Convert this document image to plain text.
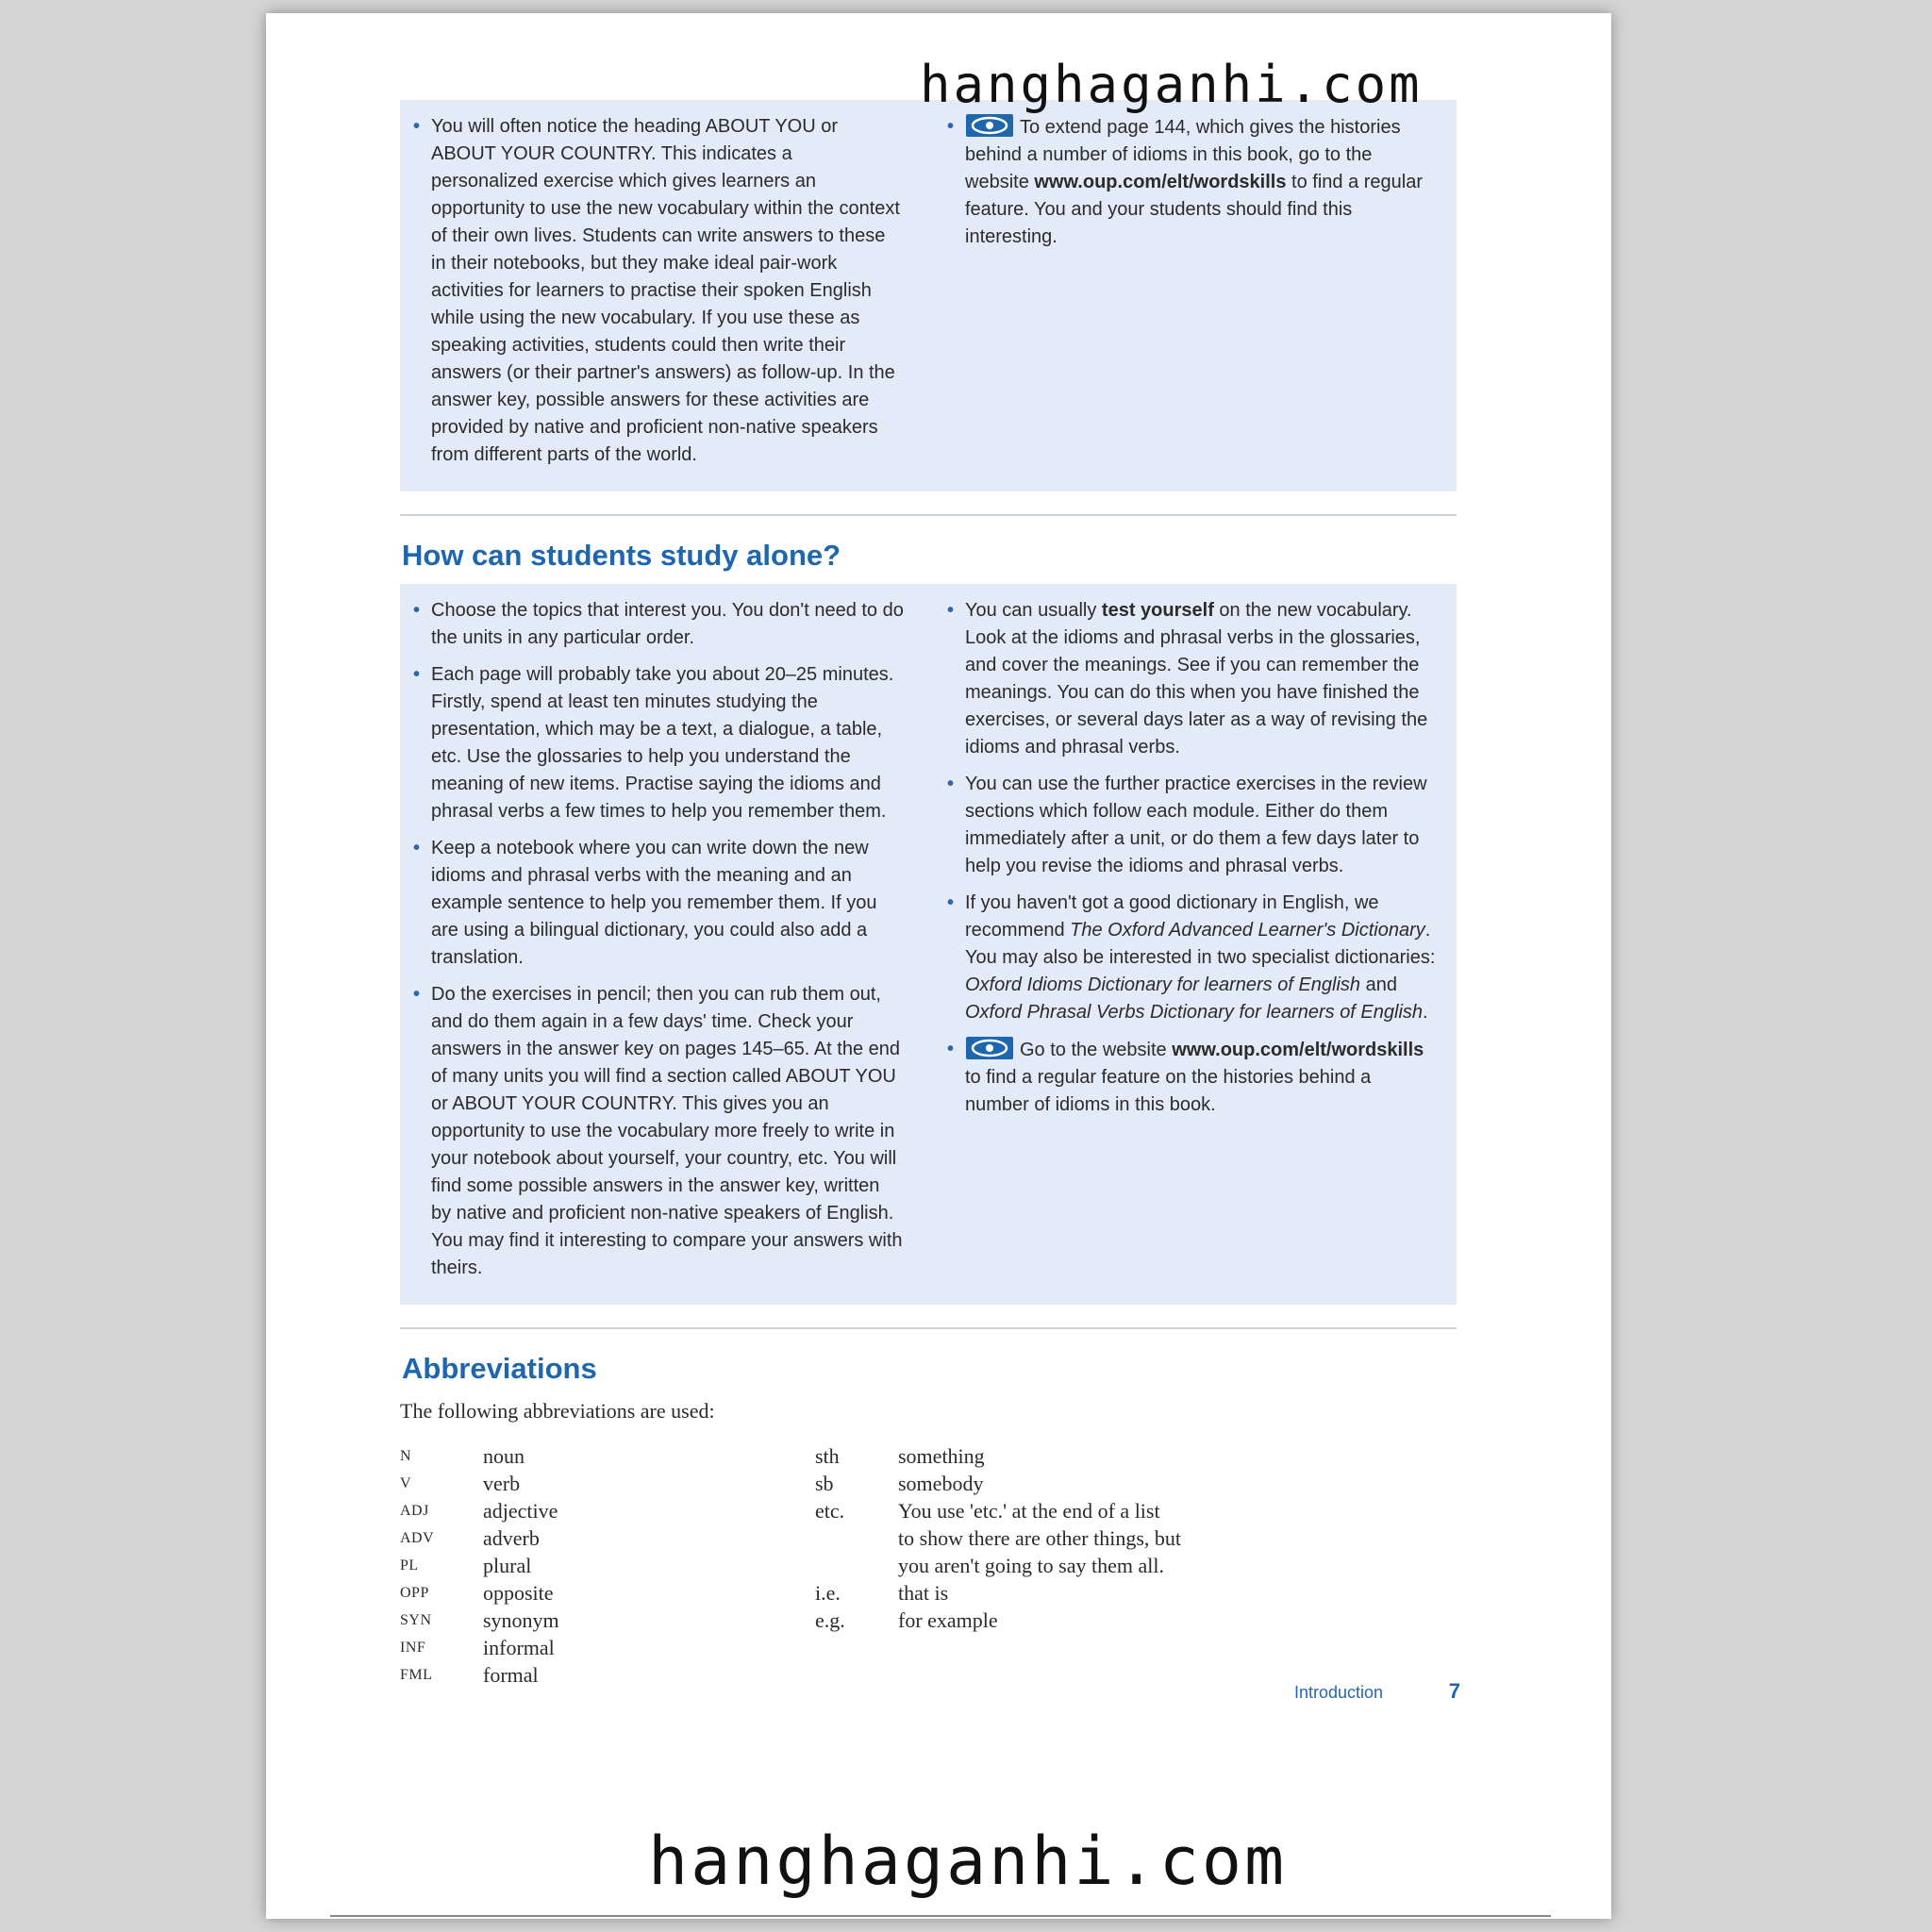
• You will often notice the heading ABOUT YOU or ABOUT YOUR COUNTRY. This indicates a personalized exercise which gives learners an opportunity to use the new vocabulary within the context of their own lives. Students can write answers to these in their notebooks, but they make ideal pair-work activities for learners to practise their spoken English while using the new vocabulary. If you use these as speaking activities, students could then write their answers (or their partner's answers) as follow-up. In the answer key, possible answers for these activities are provided by native and proficient non-native speakers from different parts of the world.
•	To extend page 144, which gives the histories behind a number of idioms in this book, go to the website www.oup.com/elt/wordskills to find a regular feature. You and your students should find this interesting.
How can students study alone?
• Choose the topics that interest you. You don't need to do the units in any particular order.
• Each page will probably take you about 20–25 minutes. Firstly, spend at least ten minutes studying the presentation, which may be a text, a dialogue, a table, etc. Use the glossaries to help you understand the meaning of new items. Practise saying the idioms and phrasal verbs a few times to help you remember them.
• Keep a notebook where you can write down the new idioms and phrasal verbs with the meaning and an example sentence to help you remember them. If you are using a bilingual dictionary, you could also add a translation.
• Do the exercises in pencil; then you can rub them out, and do them again in a few days' time. Check your answers in the answer key on pages 145–65. At the end of many units you will find a section called ABOUT YOU or ABOUT YOUR COUNTRY. This gives you an opportunity to use the vocabulary more freely to write in your notebook about yourself, your country, etc. You will find some possible answers in the answer key, written by native and proficient non-native speakers of English. You may find it interesting to compare your answers with theirs.
• You can usually test yourself on the new vocabulary. Look at the idioms and phrasal verbs in the glossaries, and cover the meanings. See if you can remember the meanings. You can do this when you have finished the exercises, or several days later as a way of revising the idioms and phrasal verbs.
• You can use the further practice exercises in the review sections which follow each module. Either do them immediately after a unit, or do them a few days later to help you revise the idioms and phrasal verbs.
• If you haven't got a good dictionary in English, we recommend The Oxford Advanced Learner's Dictionary. You may also be interested in two specialist dictionaries: Oxford Idioms Dictionary for learners of English and Oxford Phrasal Verbs Dictionary for learners of English.
•	Go to the website www.oup.com/elt/wordskills to find a regular feature on the histories behind a number of idioms in this book.
Abbreviations
The following abbreviations are used:
N	noun
V	verb
ADJ	adjective
ADV	adverb
PL	plural
OPP	opposite
SYN	synonym
INF	informal
FML	formal
sth	something
sb	somebody
etc.	You use 'etc.' at the end of a list to show there are other things, but you aren't going to say them all.
i.e.	that is
e.g.	for example
Introduction	7
hanghaganhi.com
hanghaganhi.com
